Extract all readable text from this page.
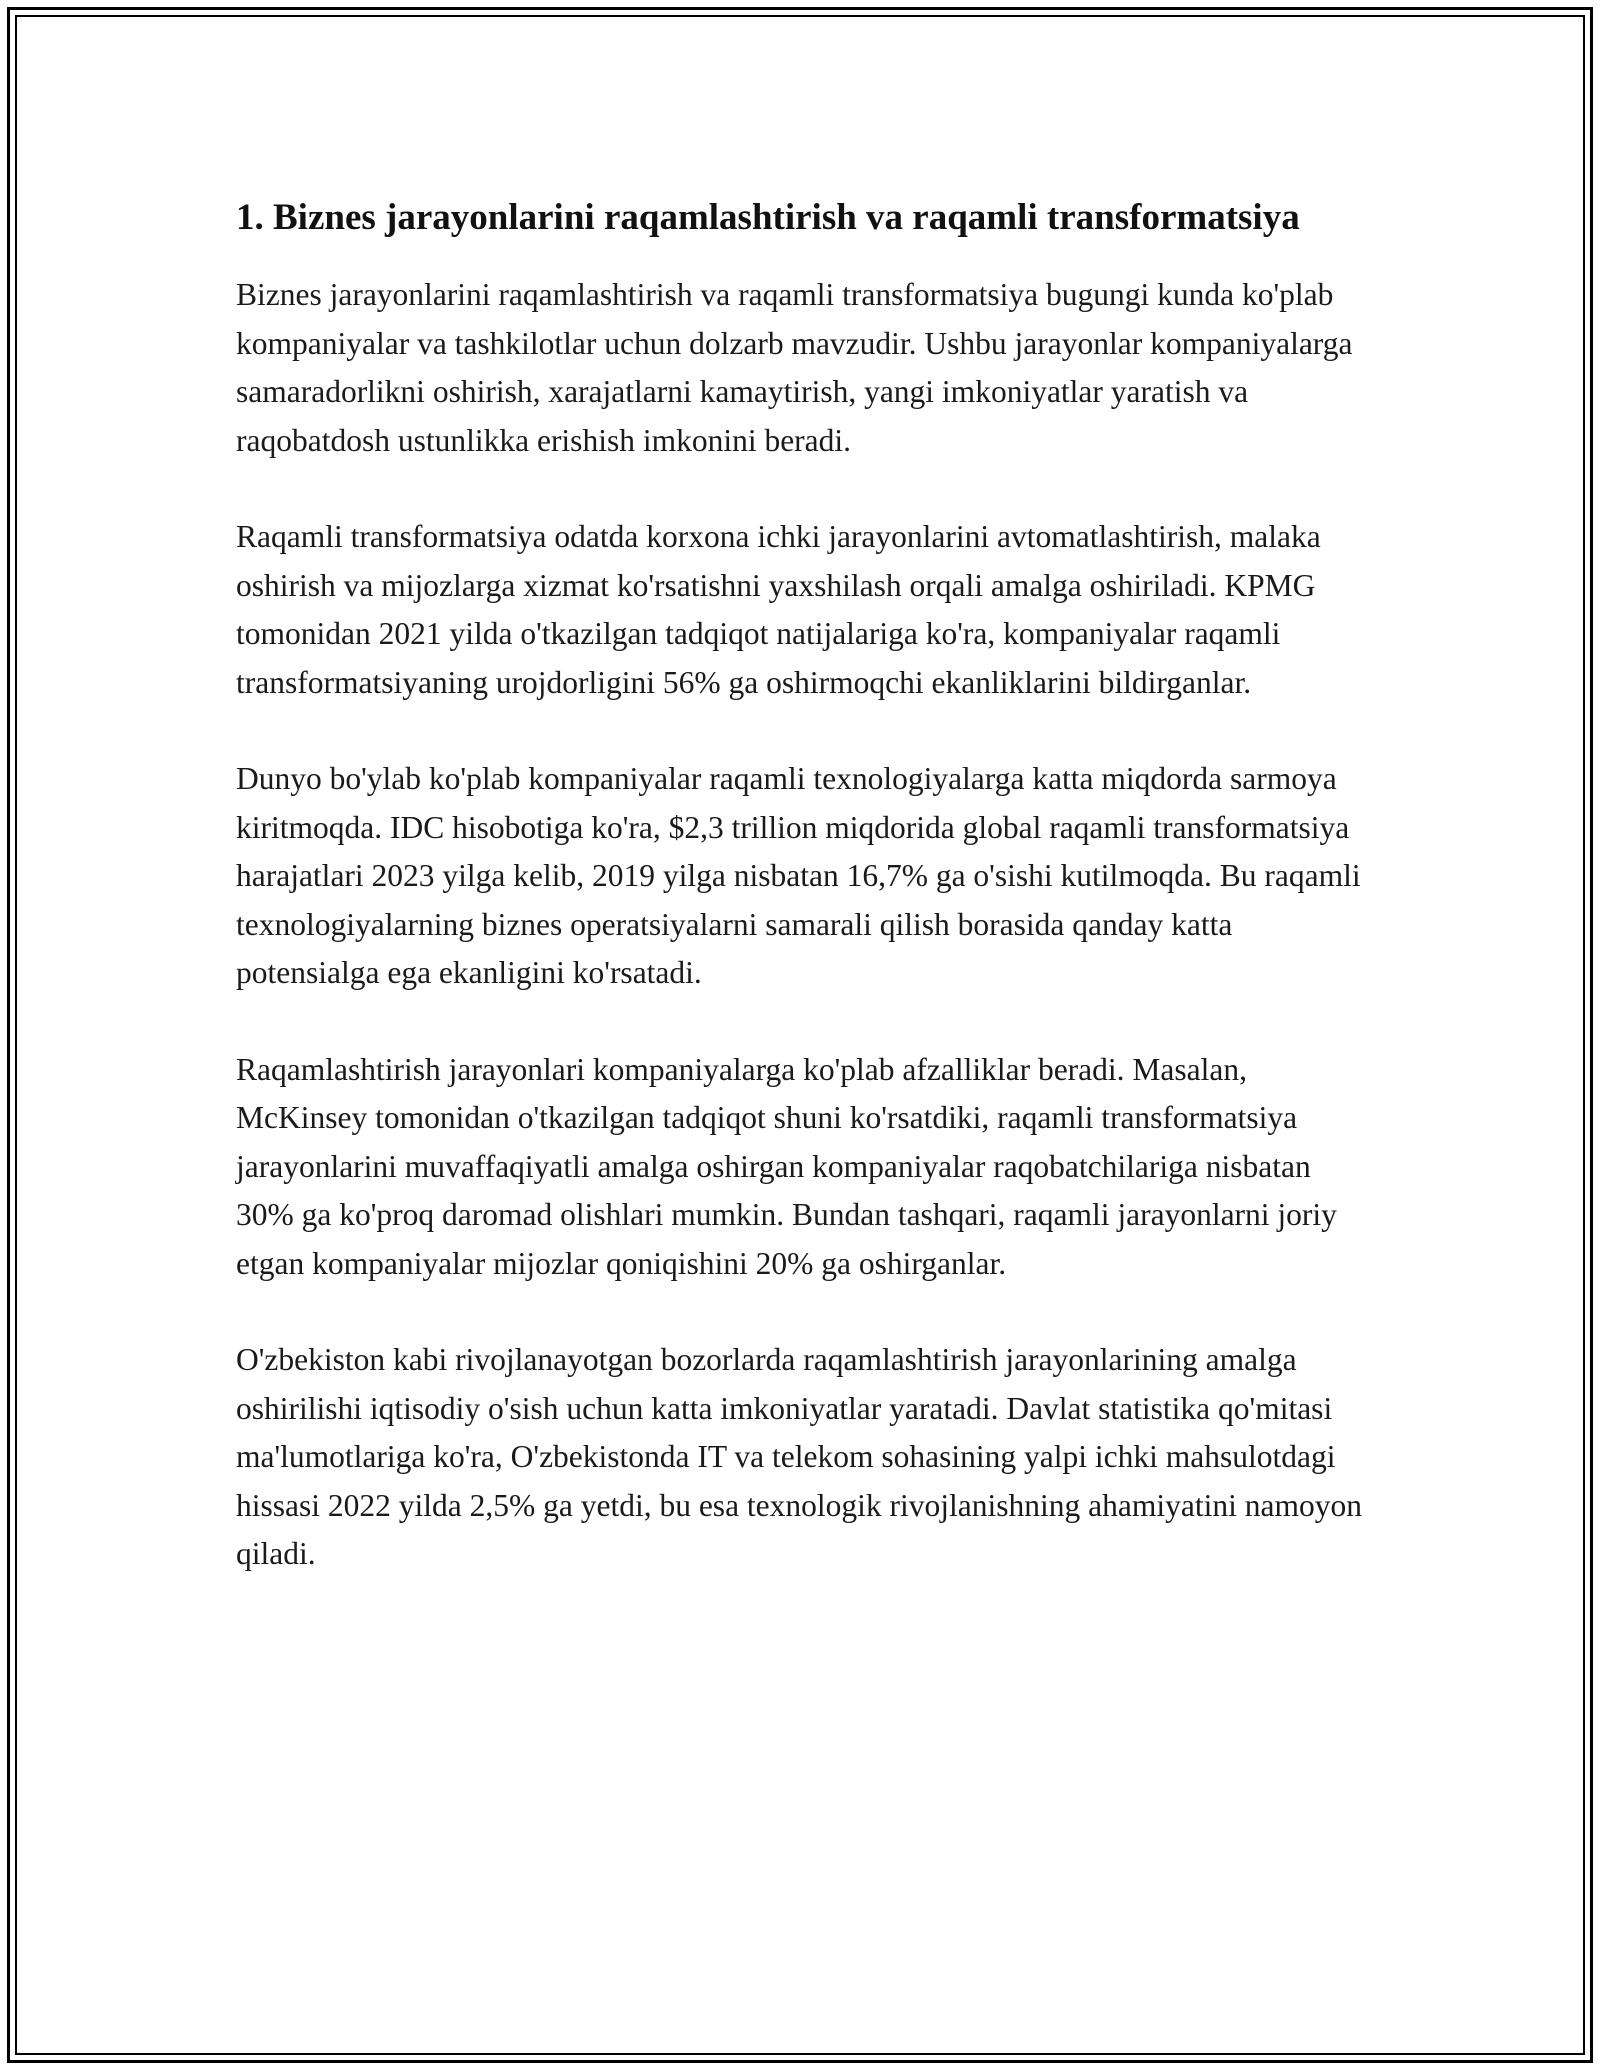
1. Biznes jarayonlarini raqamlashtirish va raqamli transformatsiya

Biznes jarayonlarini raqamlashtirish va raqamli transformatsiya bugungi kunda ko'plab kompaniyalar va tashkilotlar uchun dolzarb mavzudir. Ushbu jarayonlar kompaniyalarga samaradorlikni oshirish, xarajatlarni kamaytirish, yangi imkoniyatlar yaratish va raqobatdosh ustunlikka erishish imkonini beradi.

Raqamli transformatsiya odatda korxona ichki jarayonlarini avtomatlashtirish, malaka oshirish va mijozlarga xizmat ko'rsatishni yaxshilash orqali amalga oshiriladi. KPMG tomonidan 2021 yilda o'tkazilgan tadqiqot natijalariga ko'ra, kompaniyalar raqamli transformatsiyaning urojdorligini 56% ga oshirmoqchi ekanliklarini bildirganlar.

Dunyo bo'ylab ko'plab kompaniyalar raqamli texnologiyalarga katta miqdorda sarmoya kiritmoqda. IDC hisobotiga ko'ra, $2,3 trillion miqdorida global raqamli transformatsiya harajatlari 2023 yilga kelib, 2019 yilga nisbatan 16,7% ga o'sishi kutilmoqda. Bu raqamli texnologiyalarning biznes operatsiyalarni samarali qilish borasida qanday katta potensialga ega ekanligini ko'rsatadi.

Raqamlashtirish jarayonlari kompaniyalarga ko'plab afzalliklar beradi. Masalan, McKinsey tomonidan o'tkazilgan tadqiqot shuni ko'rsatdiki, raqamli transformatsiya jarayonlarini muvaffaqiyatli amalga oshirgan kompaniyalar raqobatchilariga nisbatan 30% ga ko'proq daromad olishlari mumkin. Bundan tashqari, raqamli jarayonlarni joriy etgan kompaniyalar mijozlar qoniqishini 20% ga oshirganlar.

O'zbekiston kabi rivojlanayotgan bozorlarda raqamlashtirish jarayonlarining amalga oshirilishi iqtisodiy o'sish uchun katta imkoniyatlar yaratadi. Davlat statistika qo'mitasi ma'lumotlariga ko'ra, O'zbekistonda IT va telekom sohasining yalpi ichki mahsulotdagi hissasi 2022 yilda 2,5% ga yetdi, bu esa texnologik rivojlanishning ahamiyatini namoyon qiladi.
